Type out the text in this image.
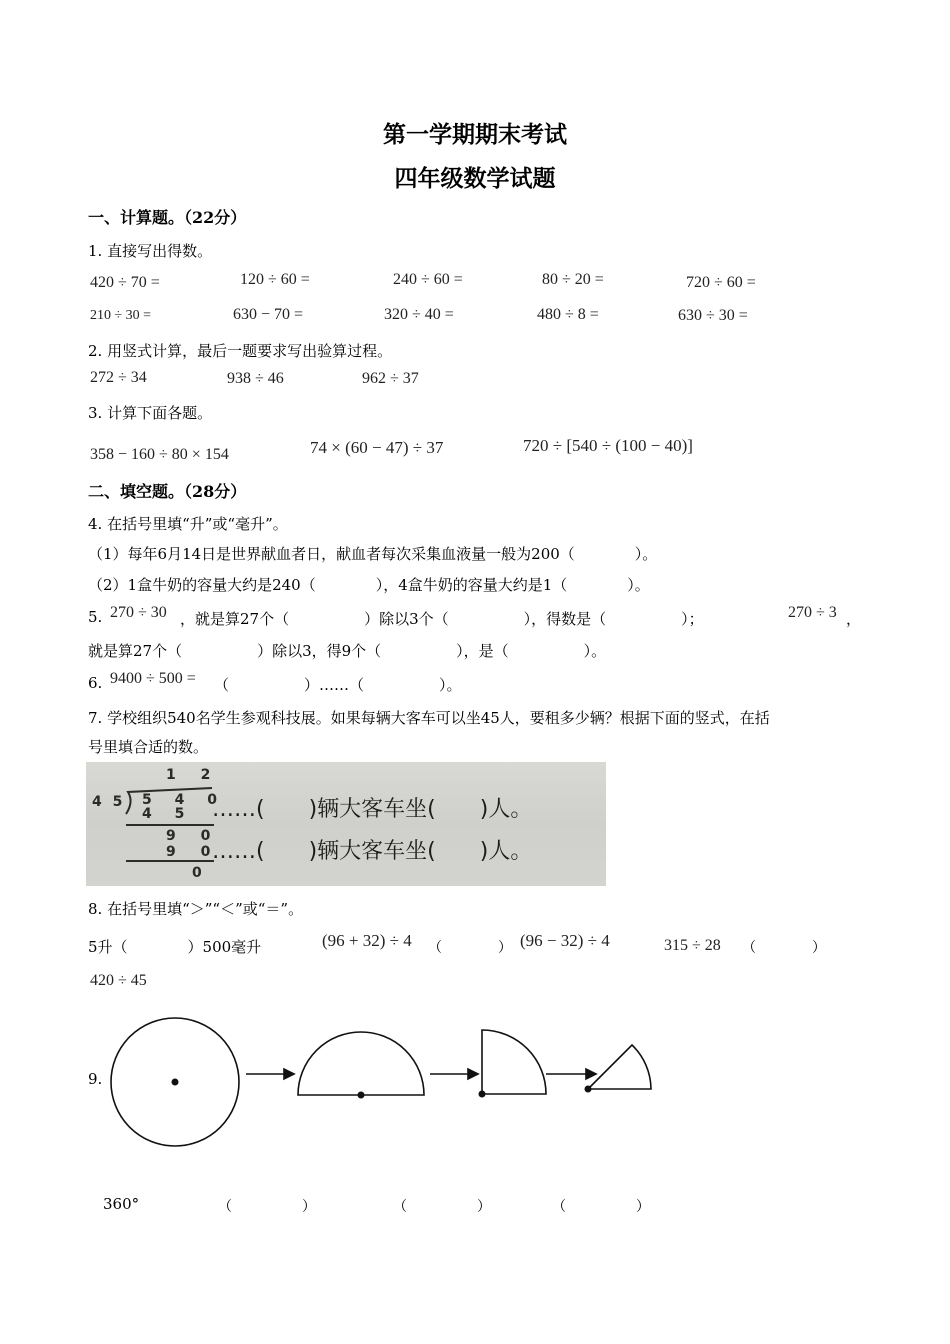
第一学期期末考试
四年级数学试题
一、计算题。（22分）
1. 直接写出得数。
420 ÷ 70 =	120 ÷ 60 =	240 ÷ 60 =	80 ÷ 20 =	720 ÷ 60 =
210 ÷ 30 =	630 − 70 =	320 ÷ 40 =	480 ÷ 8 =	630 ÷ 30 =
2. 用竖式计算，最后一题要求写出验算过程。
272 ÷ 34	938 ÷ 46	962 ÷ 37
3. 计算下面各题。
358 − 160 ÷ 80 × 154	74 × (60 − 47) ÷ 37	720 ÷ [540 ÷ (100 − 40)]
二、填空题。（28分）
4. 在括号里填“升”或“毫升”。
（1）每年6月14日是世界献血者日，献血者每次采集血液量一般为200（　　　　）。
（2）1盒牛奶的容量大约是240（　　　　），4盒牛奶的容量大约是1（　　　　）。
5. 270 ÷ 30 ，就是算27个（　　　　　）除以3个（　　　　　），得数是（　　　　　）；	270 ÷ 3 ，
就是算27个（　　　　　）除以3，得9个（　　　　　），是（　　　　　）。
6. 9400 ÷ 500 = （　　　　　）……（　　　　　）。
7. 学校组织540名学生参观科技展。如果每辆大客车可以坐45人，要租多少辆？根据下面的竖式，在括
号里填合适的数。
1 2
4 5 5 4 0
4 5
9 0
9 0
0
……(　　)辆大客车坐(　　)人。
……(　　)辆大客车坐(　　)人。
8. 在括号里填“＞”“＜”或“＝”。
5升（　　　　）500毫升	(96 + 32) ÷ 4 （　　　　） (96 − 32) ÷ 4	315 ÷ 28 （　　　　）
420 ÷ 45
9.
360°	（　　　　　）	（　　　　　）	（　　　　　）
